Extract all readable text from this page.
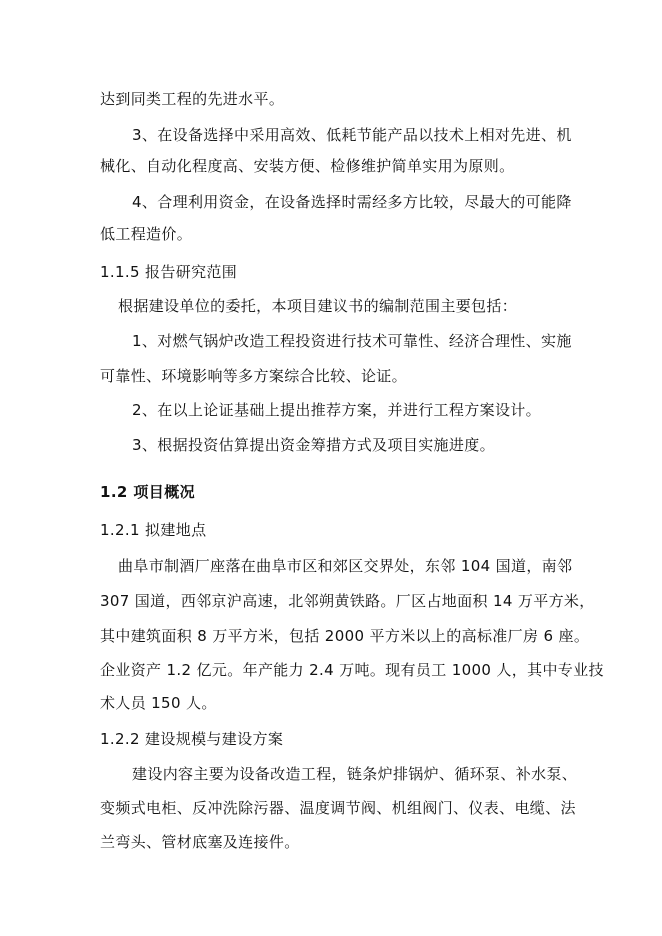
达到同类工程的先进水平。
3、在设备选择中采用高效、低耗节能产品以技术上相对先进、机
械化、自动化程度高、安装方便、检修维护简单实用为原则。
4、合理利用资金，在设备选择时需经多方比较，尽最大的可能降
低工程造价。
1.1.5 报告研究范围
根据建设单位的委托，本项目建议书的编制范围主要包括：
1、对燃气锅炉改造工程投资进行技术可靠性、经济合理性、实施
可靠性、环境影响等多方案综合比较、论证。
2、在以上论证基础上提出推荐方案，并进行工程方案设计。
3、根据投资估算提出资金筹措方式及项目实施进度。
1.2 项目概况
1.2.1 拟建地点
曲阜市制酒厂座落在曲阜市区和郊区交界处，东邻 104 国道，南邻
307 国道，西邻京沪高速，北邻朔黄铁路。厂区占地面积 14 万平方米，
其中建筑面积 8 万平方米，包括 2000 平方米以上的高标准厂房 6 座。
企业资产 1.2 亿元。年产能力 2.4 万吨。现有员工 1000 人，其中专业技
术人员 150 人。
1.2.2 建设规模与建设方案
建设内容主要为设备改造工程，链条炉排锅炉、循环泵、补水泵、
变频式电柜、反冲洗除污器、温度调节阀、机组阀门、仪表、电缆、法
兰弯头、管材底塞及连接件。
